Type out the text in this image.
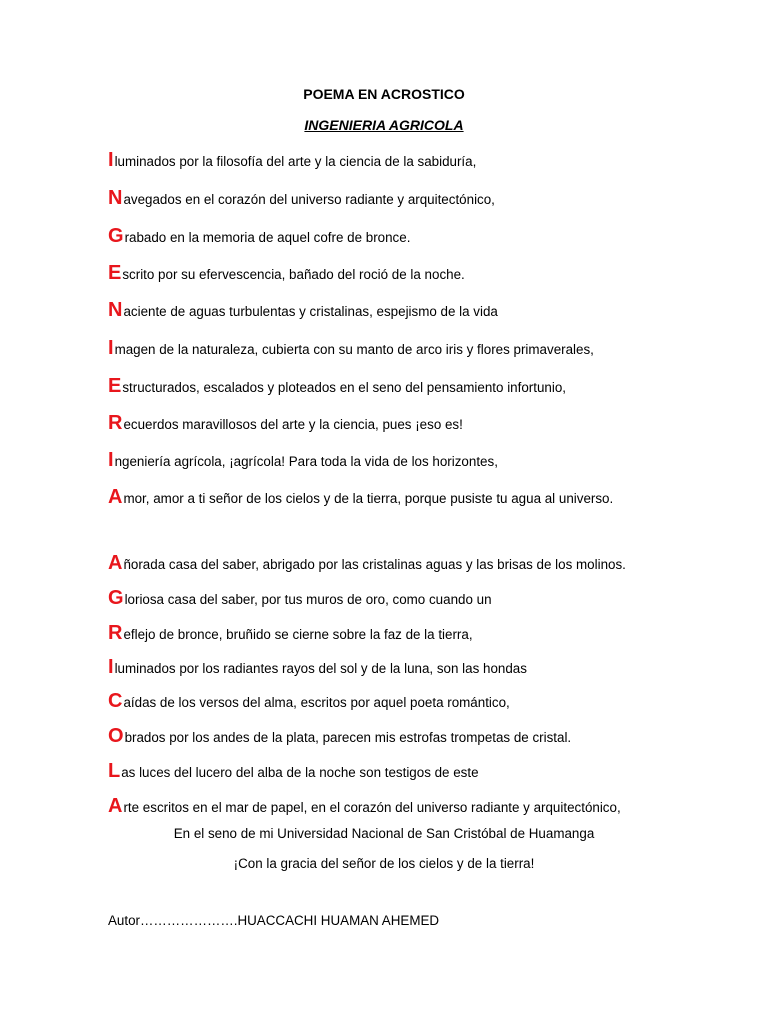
POEMA EN ACROSTICO
INGENIERIA AGRICOLA
Iluminados por la filosofía del arte y la ciencia de la sabiduría,
Navegados en el corazón del universo radiante y arquitectónico,
Grabado en la memoria de aquel cofre de bronce.
Escrito por su efervescencia, bañado del roció de la noche.
Naciente de aguas turbulentas y cristalinas, espejismo de la vida
Imagen de la naturaleza, cubierta con su manto de arco iris y flores primaverales,
Estructurados, escalados y ploteados en el seno del pensamiento infortunio,
Recuerdos maravillosos del arte y la ciencia, pues ¡eso es!
Ingeniería agrícola, ¡agrícola! Para toda la vida de los horizontes,
Amor, amor a ti señor de los cielos y de la tierra, porque pusiste tu agua al universo.
Añorada casa del saber, abrigado por las cristalinas aguas y las brisas de los molinos.
Gloriosa casa del saber, por tus muros de oro, como cuando un
Reflejo de bronce, bruñido se cierne sobre la faz de la tierra,
Iluminados por los radiantes rayos del sol y de la luna, son las hondas
Caídas de los versos del alma, escritos por aquel poeta romántico,
Obrados por los andes de la plata, parecen mis estrofas trompetas de cristal.
Las luces del lucero del alba de la noche son testigos de este
Arte escritos en el mar de papel, en el corazón del universo radiante y arquitectónico,
En el seno de mi Universidad Nacional de San Cristóbal de Huamanga
¡Con la gracia del señor de los cielos y de la tierra!
Autor………………….HUACCACHI HUAMAN AHEMED
